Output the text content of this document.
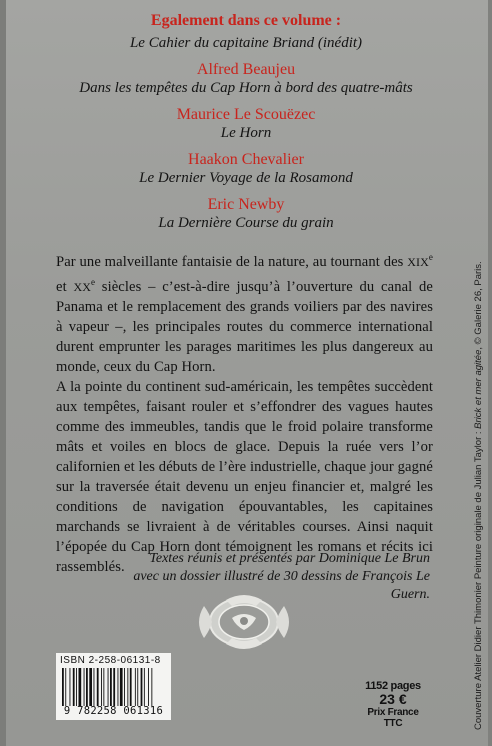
Egalement dans ce volume :
Le Cahier du capitaine Briand (inédit)
Alfred Beaujeu
Dans les tempêtes du Cap Horn à bord des quatre-mâts
Maurice Le Scouëzec
Le Horn
Haakon Chevalier
Le Dernier Voyage de la Rosamond
Eric Newby
La Dernière Course du grain

Par une malveillante fantaisie de la nature, au tournant des XIXe et XXe siècles – c’est-à-dire jusqu’à l’ouverture du canal de Panama et le remplacement des grands voiliers par des navires à vapeur –, les principales routes du commerce international durent emprunter les parages maritimes les plus dangereux au monde, ceux du Cap Horn.

A la pointe du continent sud-américain, les tempêtes succèdent aux tempêtes, faisant rouler et s’effondrer des vagues hautes comme des immeubles, tandis que le froid polaire transforme mâts et voiles en blocs de glace. Depuis la ruée vers l’or californien et les débuts de l’ère industrielle, chaque jour gagné sur la traversée était devenu un enjeu financier et, malgré les conditions de navigation épouvantables, les capitaines marchands se livraient à de véritables courses. Ainsi naquit l’épopée du Cap Horn dont témoignent les romans et récits ici rassemblés.

Textes réunis et présentés par Dominique Le Brun
avec un dossier illustré de 30 dessins de François Le Guern.
ISBN 2-258-06131-8
9 782258 061316
1152 pages
23 €
Prix France TTC	Couverture Atelier Didier Thimonier Peinture originale de Julian Taylor : Brick et mer agitée, © Galerie 26, Paris.
